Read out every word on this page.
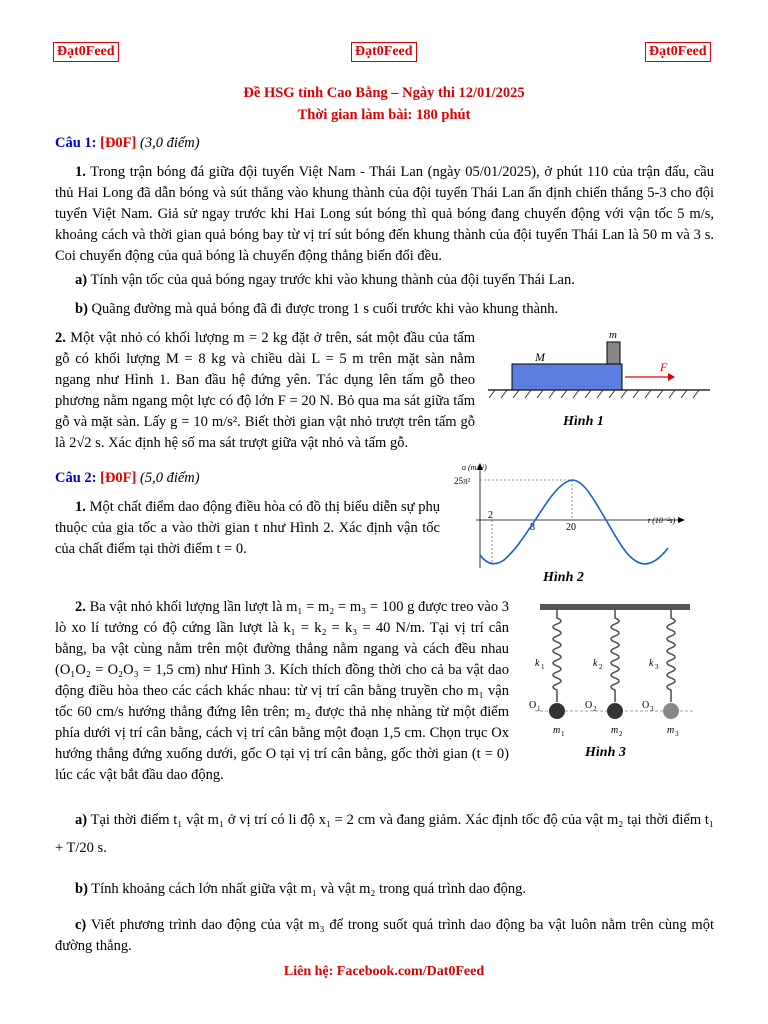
Đạt0Feed	Đạt0Feed	Đạt0Feed
Đề HSG tỉnh Cao Bằng – Ngày thi 12/01/2025
Thời gian làm bài: 180 phút
Câu 1: [Đ0F] (3,0 điểm)
1. Trong trận bóng đá giữa đội tuyển Việt Nam - Thái Lan (ngày 05/01/2025), ở phút 110 của trận đấu, cầu thủ Hai Long đã dẫn bóng và sút thẳng vào khung thành của đội tuyển Thái Lan ấn định chiến thắng 5-3 cho đội tuyển Việt Nam. Giả sử ngay trước khi Hai Long sút bóng thì quả bóng đang chuyển động với vận tốc 5 m/s, khoảng cách và thời gian quả bóng bay từ vị trí sút bóng đến khung thành của đội tuyển Thái Lan là 50 m và 3 s. Coi chuyển động của quả bóng là chuyển động thẳng biến đổi đều.
a) Tính vận tốc của quả bóng ngay trước khi vào khung thành của đội tuyển Thái Lan.
b) Quãng đường mà quả bóng đã đi được trong 1 s cuối trước khi vào khung thành.
2. Một vật nhỏ có khối lượng m = 2 kg đặt ở trên, sát một đầu của tấm gỗ có khối lượng M = 8 kg và chiều dài L = 5 m trên mặt sàn nằm ngang như Hình 1. Ban đầu hệ đứng yên. Tác dụng lên tấm gỗ theo phương nằm ngang một lực có độ lớn F = 20 N. Bỏ qua ma sát giữa tấm gỗ và mặt sàn. Lấy g = 10 m/s². Biết thời gian vật nhỏ trượt trên tấm gỗ là 2√2 s. Xác định hệ số ma sát trượt giữa vật nhỏ và tấm gỗ.
M
m
F
Hình 1
Câu 2: [Đ0F] (5,0 điểm)
1. Một chất điểm dao động điều hòa có đồ thị biểu diễn sự phụ thuộc của gia tốc a vào thời gian t như Hình 2. Xác định vận tốc của chất điểm tại thời điểm t = 0.
a (m/s²)
25π²
2
8	20
t (10⁻²s)
Hình 2
2. Ba vật nhỏ khối lượng lần lượt là m₁ = m₂ = m₃ = 100 g được treo vào 3 lò xo lí tưởng có độ cứng lần lượt là k₁ = k₂ = k₃ = 40 N/m. Tại vị trí cân bằng, ba vật cùng nằm trên một đường thẳng nằm ngang và cách đều nhau (O₁O₂ = O₂O₃ = 1,5 cm) như Hình 3. Kích thích đồng thời cho cả ba vật dao động điều hòa theo các cách khác nhau: từ vị trí cân bằng truyền cho m₁ vận tốc 60 cm/s hướng thẳng đứng lên trên; m₂ được thả nhẹ nhàng từ một điểm phía dưới vị trí cân bằng, cách vị trí cân bằng một đoạn 1,5 cm. Chọn trục Ox hướng thẳng đứng xuống dưới, gốc O tại vị trí cân bằng, gốc thời gian (t = 0) lúc các vật bắt đầu dao động.
k 1	k 2	k 3
O 1	O 2	O 3
m 1	m 2	m 3
Hình 3
a) Tại thời điểm t₁ vật m₁ ở vị trí có li độ x₁ = 2 cm và đang giảm. Xác định tốc độ của vật m₂ tại thời điểm t₁ + T/20 s.
b) Tính khoảng cách lớn nhất giữa vật m₁ và vật m₂ trong quá trình dao động.
c) Viết phương trình dao động của vật m₃ để trong suốt quá trình dao động ba vật luôn nằm trên cùng một đường thẳng.
Liên hệ: Facebook.com/Dat0Feed
